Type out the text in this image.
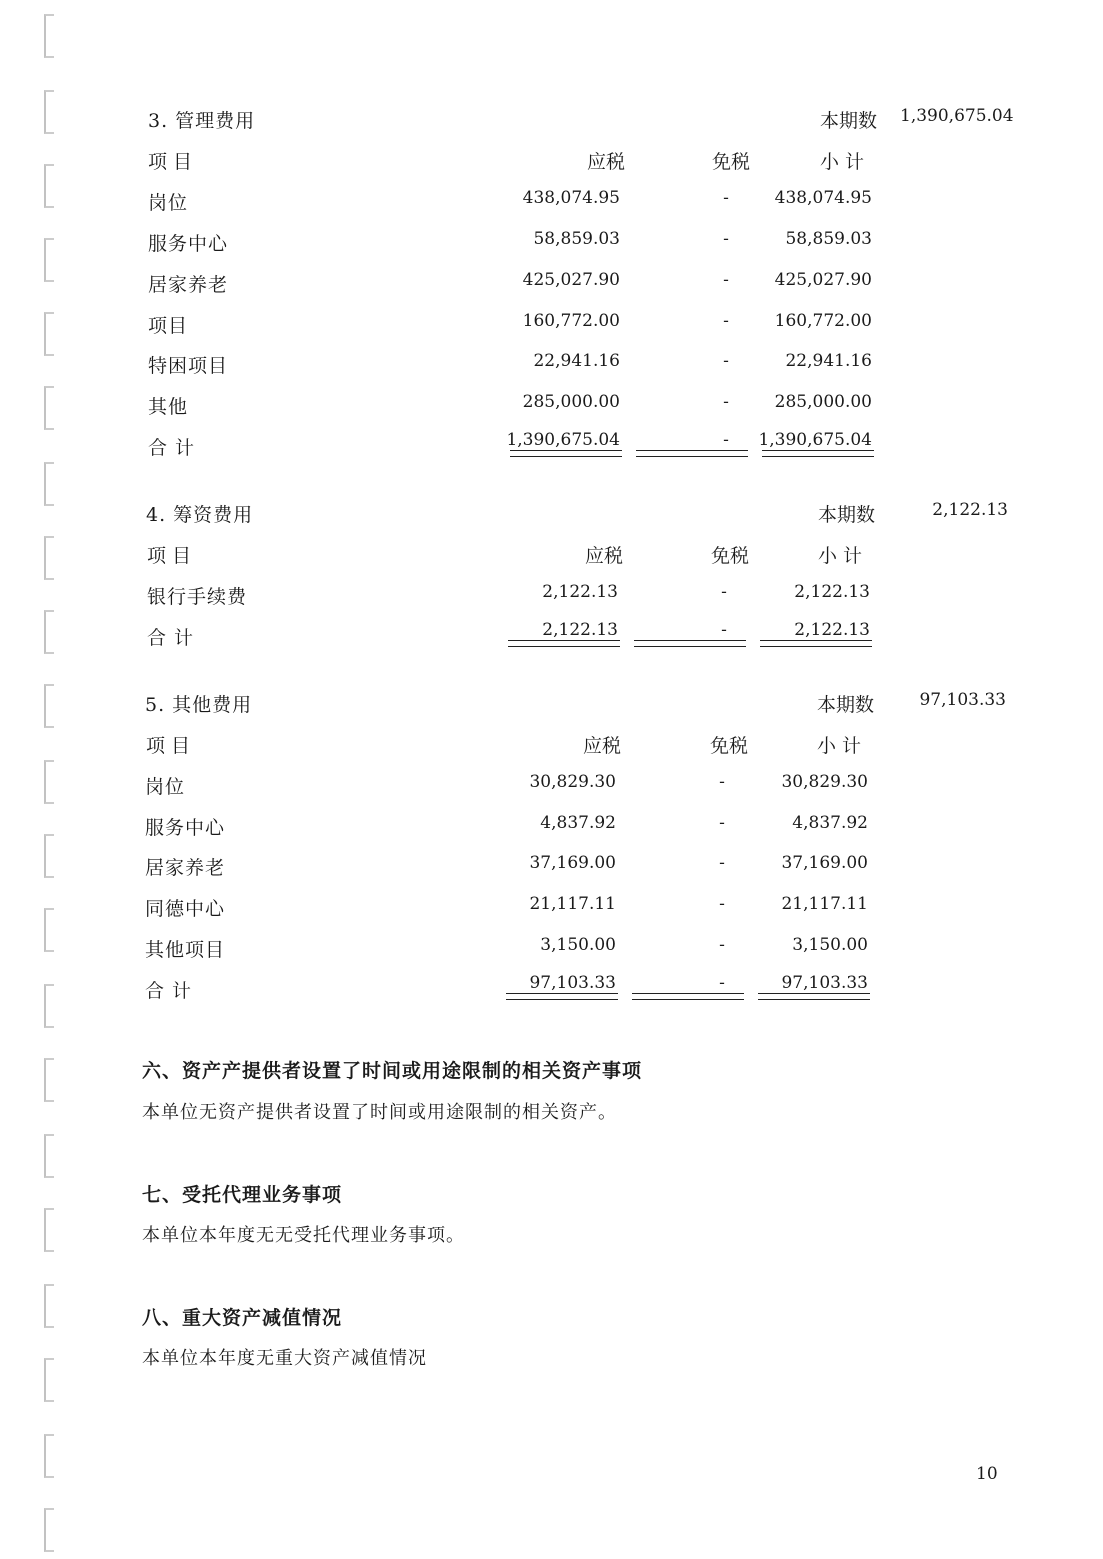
3. 管理费用	本期数 1,390,675.04
项 目	应税	免税	小 计
岗位	438,074.95	-	438,074.95
服务中心	58,859.03	-	58,859.03
居家养老	425,027.90	-	425,027.90
项目	160,772.00	-	160,772.00
特困项目	22,941.16	-	22,941.16
其他	285,000.00	-	285,000.00
合 计	1,390,675.04	-	1,390,675.04
4. 筹资费用	本期数	2,122.13
项 目	应税	免税	小 计
银行手续费	2,122.13	-	2,122.13
合 计	2,122.13	-	2,122.13
5. 其他费用	本期数	97,103.33
项 目	应税	免税	小 计
岗位	30,829.30	-	30,829.30
服务中心	4,837.92	-	4,837.92
居家养老	37,169.00	-	37,169.00
同德中心	21,117.11	-	21,117.11
其他项目	3,150.00	-	3,150.00
合 计	97,103.33	-	97,103.33
六、资产产提供者设置了时间或用途限制的相关资产事项
本单位无资产提供者设置了时间或用途限制的相关资产。
七、受托代理业务事项
本单位本年度无无受托代理业务事项。
八、重大资产减值情况
本单位本年度无重大资产减值情况
10
